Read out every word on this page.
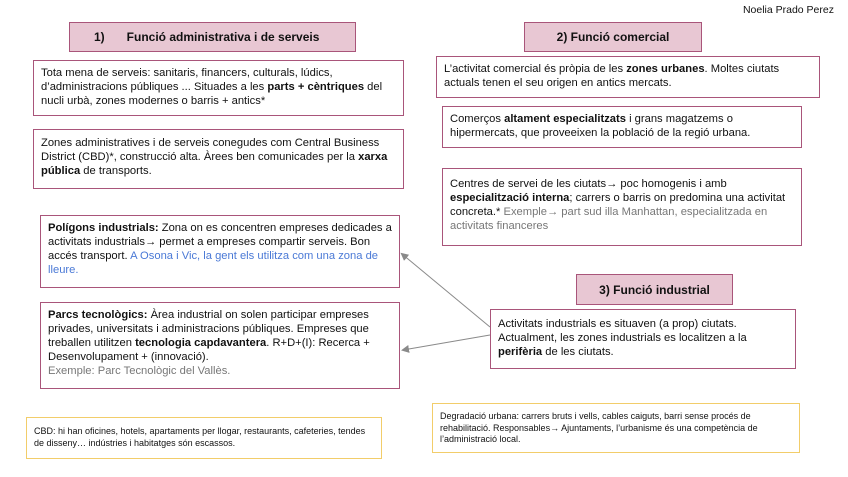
Noelia Prado Perez
1) Funció administrativa i de serveis	2) Funció comercial
Tota mena de serveis: sanitaris, financers, culturals, lúdics, d’administracions públiques ... Situades a les parts + cèntriques del nucli urbà, zones modernes o barris + antics*
Zones administratives i de serveis conegudes com Central Business District (CBD)*, construcció alta. Àrees ben comunicades per la xarxa pública de transports.
Polígons industrials: Zona on es concentren empreses dedicades a activitats industrials→ permet a empreses compartir serveis. Bon accés transport. A Osona i Vic, la gent els utilitza com una zona de lleure.
Parcs tecnològics: Àrea industrial on solen participar empreses privades, universitats i administracions públiques. Empreses que treballen utilitzen tecnologia capdavantera. R+D+(I): Recerca + Desenvolupament + (innovació).
Exemple: Parc Tecnològic del Vallès.
L’activitat comercial és pròpia de les zones urbanes. Moltes ciutats actuals tenen el seu origen en antics mercats.
Comerços altament especialitzats i grans magatzems o hipermercats, que proveeixen la població de la regió urbana.
Centres de servei de les ciutats→ poc homogenis i amb especialització interna; carrers o barris on predomina una activitat concreta.* Exemple→ part sud illa Manhattan, especialitzada en activitats financeres
3) Funció industrial
Activitats industrials es situaven (a prop) ciutats. Actualment, les zones industrials es localitzen a la perifèria de les ciutats.
CBD: hi han oficines, hotels, apartaments per llogar, restaurants, cafeteries, tendes de disseny… indústries i habitatges són escassos.
Degradació urbana: carrers bruts i vells, cables caiguts, barri sense procés de rehabilitació. Responsables→ Ajuntaments, l’urbanisme és una competència de l’administració local.
